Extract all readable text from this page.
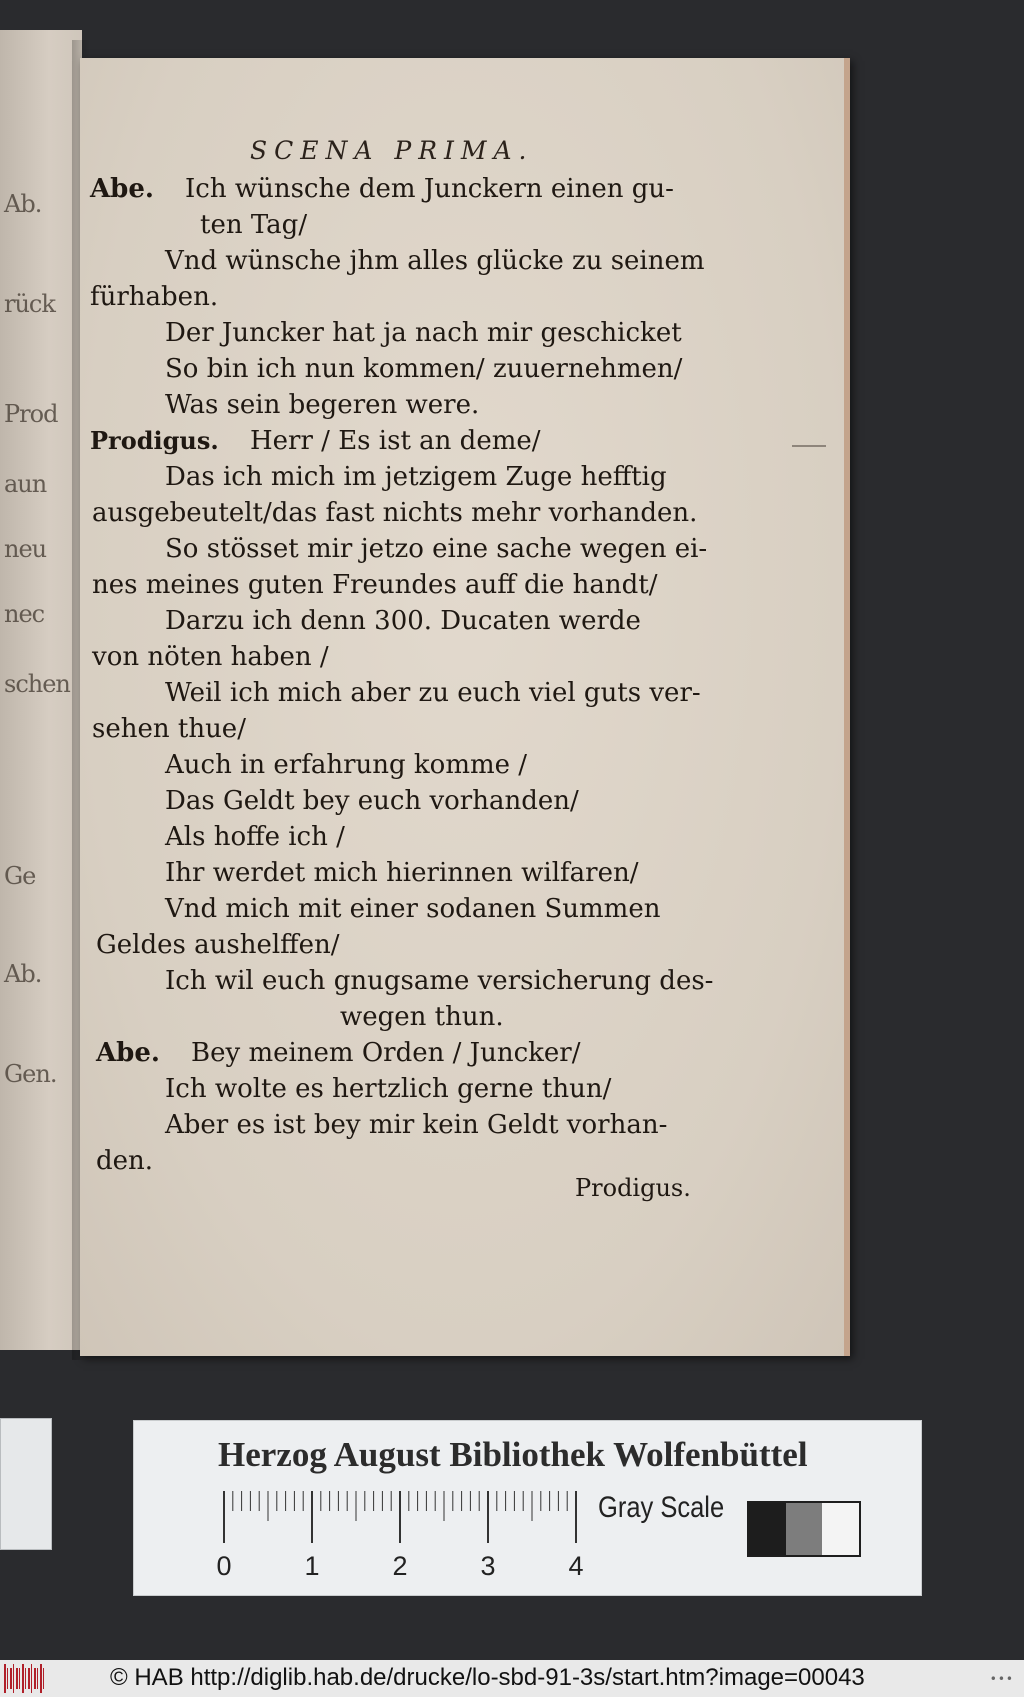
Ab.
rück
Prod
aun
neu
nec
schen
Ge
Ab.
Gen.
SCENA PRIMA.
Abe. Ich wünsche dem Junckern einen gu-
ten Tag/
Vnd wünsche jhm alles glücke zu seinem
fürhaben.
Der Juncker hat ja nach mir geschicket
So bin ich nun kommen/ zuuernehmen/
Was sein begeren were.
Prodigus. Herr / Es ist an deme/
Das ich mich im jetzigem Zuge hefftig
ausgebeutelt/das fast nichts mehr vorhanden.
So stösset mir jetzo eine sache wegen ei-
nes meines guten Freundes auff die handt/
Darzu ich denn 300. Ducaten werde
von nöten haben /
Weil ich mich aber zu euch viel guts ver-
sehen thue/
Auch in erfahrung komme /
Das Geldt bey euch vorhanden/
Als hoffe ich /
Ihr werdet mich hierinnen wilfaren/
Vnd mich mit einer sodanen Summen
Geldes aushelffen/
Ich wil euch gnugsame versicherung des-
wegen thun.
Abe. Bey meinem Orden / Juncker/
Ich wolte es hertzlich gerne thun/
Aber es ist bey mir kein Geldt vorhan-
den.
Prodigus.
Herzog August Bibliothek Wolfenbüttel
0	1	2	3	4
Gray Scale
© HAB http://diglib.hab.de/drucke/lo-sbd-91-3s/start.htm?image=00043	•••
